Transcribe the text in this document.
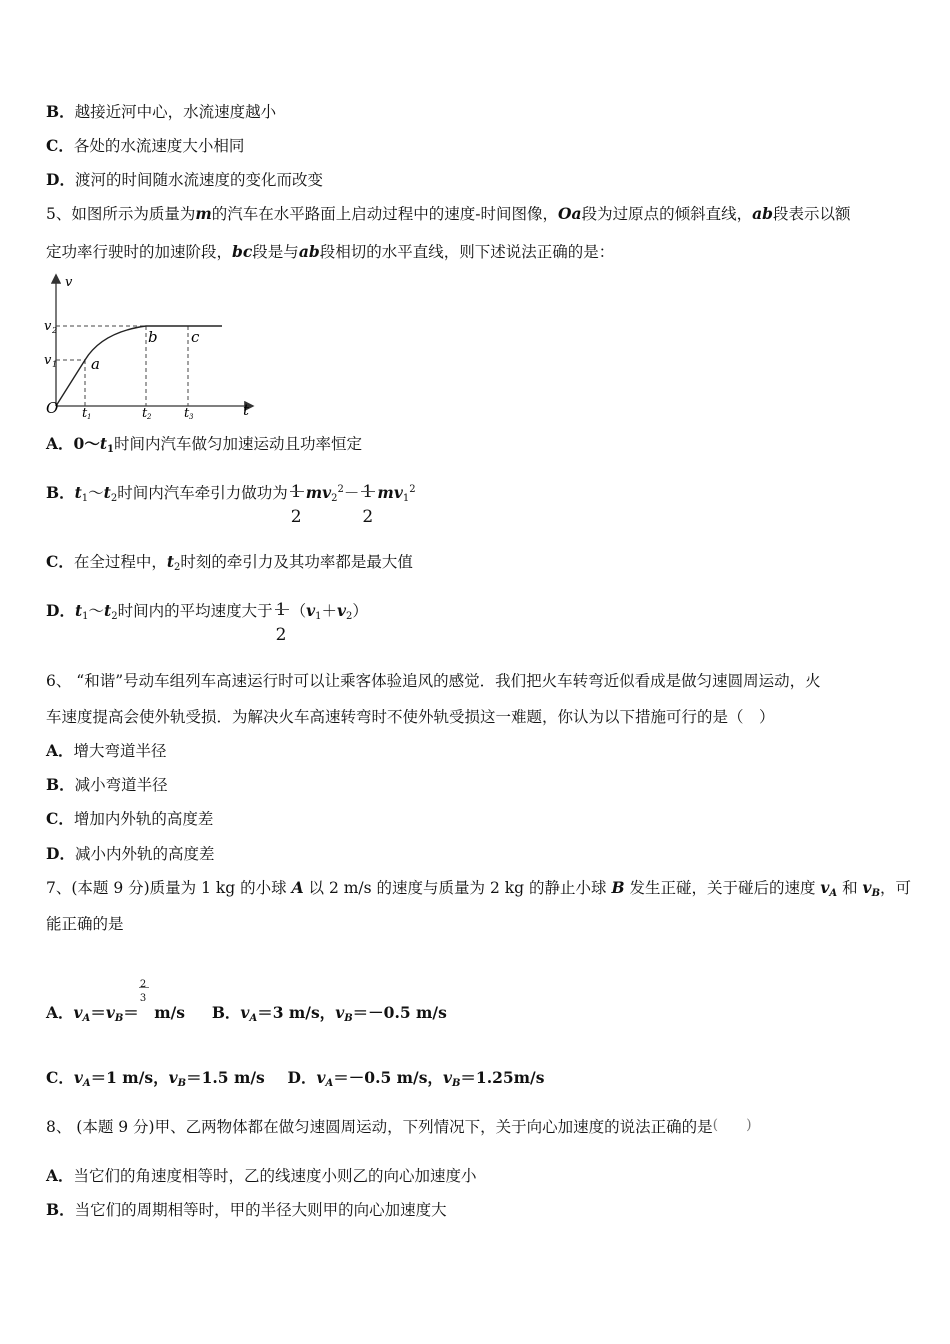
B．越接近河中心，水流速度越小
C．各处的水流速度大小相同
D．渡河的时间随水流速度的变化而改变
5、如图所示为质量为m的汽车在水平路面上启动过程中的速度-时间图像，Oa段为过原点的倾斜直线，ab段表示以额
定功率行驶时的加速阶段，bc段是与ab段相切的水平直线，则下述说法正确的是：
v
t
O
v 2
v 1 a
b c
t 1	t 2	t 3
A．$0\sim t_1$时间内汽车做匀加速运动且功率恒定
B．$t_1\sim t_2$时间内汽车牵引力做功为 1
2
$mv_2^2- 1$
2
$mv_1^2$
C．在全过程中，$t_2$时刻的牵引力及其功率都是最大值
D．$t_1\sim t_2$时间内的平均速度大于 1
2
$(v_1+v_2)$
6、 “和谐”号动车组列车高速运行时可以让乘客体验追风的感觉．我们把火车转弯近似看成是做匀速圆周运动，火
车速度提高会使外轨受损．为解决火车高速转弯时不使外轨受损这一难题，你认为以下措施可行的是（　）
A．增大弯道半径
B．减小弯道半径
C．增加内外轨的高度差
D．减小内外轨的高度差
7、(本题 9 分)质量为 1 kg 的小球 A 以 2 m/s 的速度与质量为 2 kg 的静止小球 B 发生正碰，关于碰后的速度 $v_A$ 和 $v_B$，可
能正确的是
A．$v_A=v_B=$
2
3
m/s B．$v_A=3$ m/s，$v_B=-0.5$ m/s
C．$v_A=1$ m/s，$v_B=1.5$ m/s D．$v_A=-0.5$ m/s，$v_B=1.25m/s$
8、 (本题 9 分)甲、乙两物体都在做匀速圆周运动，下列情况下，关于向心加速度的说法正确的是()
A．当它们的角速度相等时，乙的线速度小则乙的向心加速度小
B．当它们的周期相等时，甲的半径大则甲的向心加速度大
